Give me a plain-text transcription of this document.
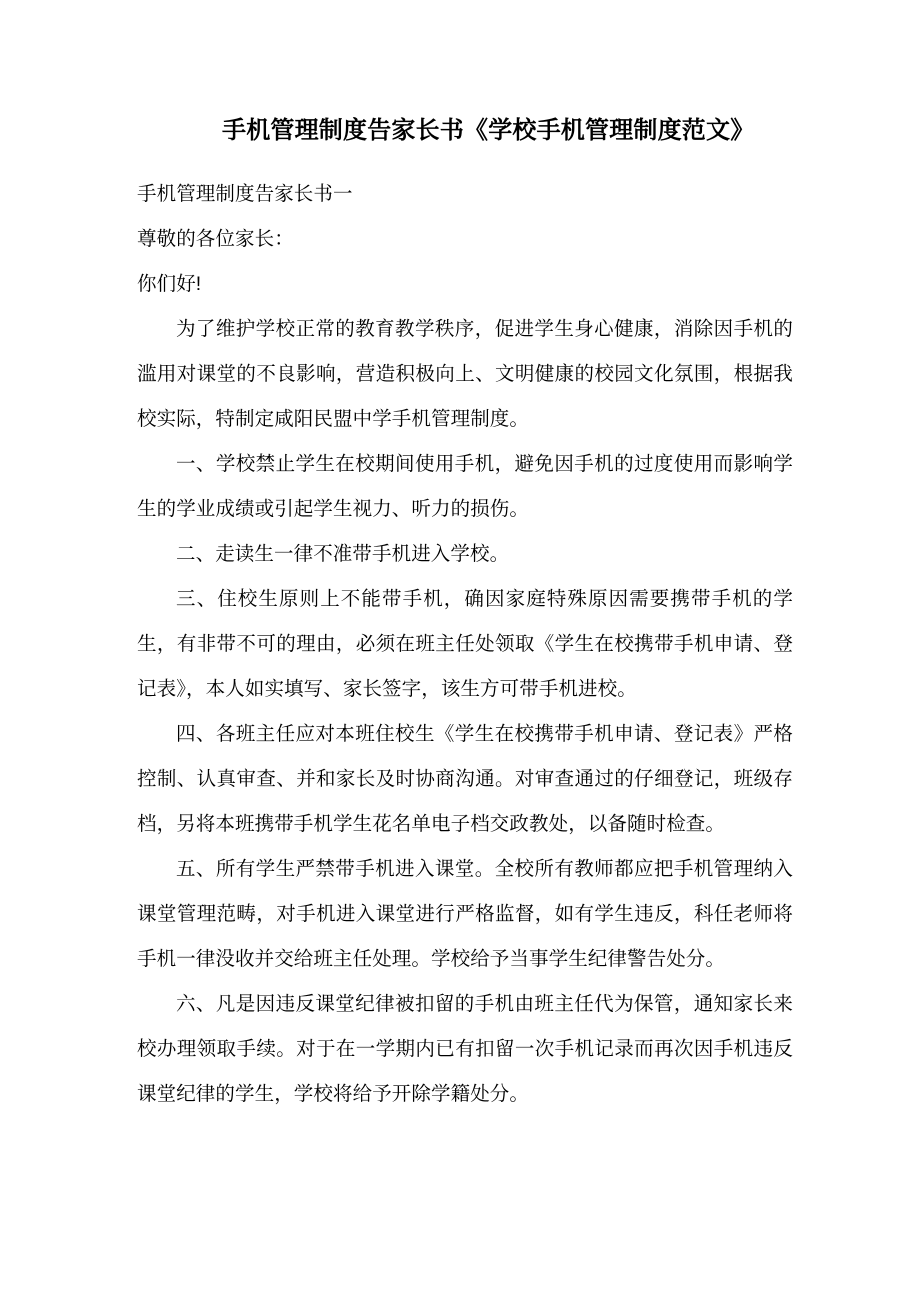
手机管理制度告家长书《学校手机管理制度范文》

手机管理制度告家长书一

尊敬的各位家长：

你们好!

为了维护学校正常的教育教学秩序，促进学生身心健康，消除因手机的滥用对课堂的不良影响，营造积极向上、文明健康的校园文化氛围，根据我校实际，特制定咸阳民盟中学手机管理制度。

一、学校禁止学生在校期间使用手机，避免因手机的过度使用而影响学生的学业成绩或引起学生视力、听力的损伤。

二、走读生一律不准带手机进入学校。

三、住校生原则上不能带手机，确因家庭特殊原因需要携带手机的学生，有非带不可的理由，必须在班主任处领取《学生在校携带手机申请、登记表》，本人如实填写、家长签字，该生方可带手机进校。

四、各班主任应对本班住校生《学生在校携带手机申请、登记表》严格控制、认真审查、并和家长及时协商沟通。对审查通过的仔细登记，班级存档，另将本班携带手机学生花名单电子档交政教处，以备随时检查。

五、所有学生严禁带手机进入课堂。全校所有教师都应把手机管理纳入课堂管理范畴，对手机进入课堂进行严格监督，如有学生违反，科任老师将手机一律没收并交给班主任处理。学校给予当事学生纪律警告处分。

六、凡是因违反课堂纪律被扣留的手机由班主任代为保管，通知家长来校办理领取手续。对于在一学期内已有扣留一次手机记录而再次因手机违反课堂纪律的学生，学校将给予开除学籍处分。
